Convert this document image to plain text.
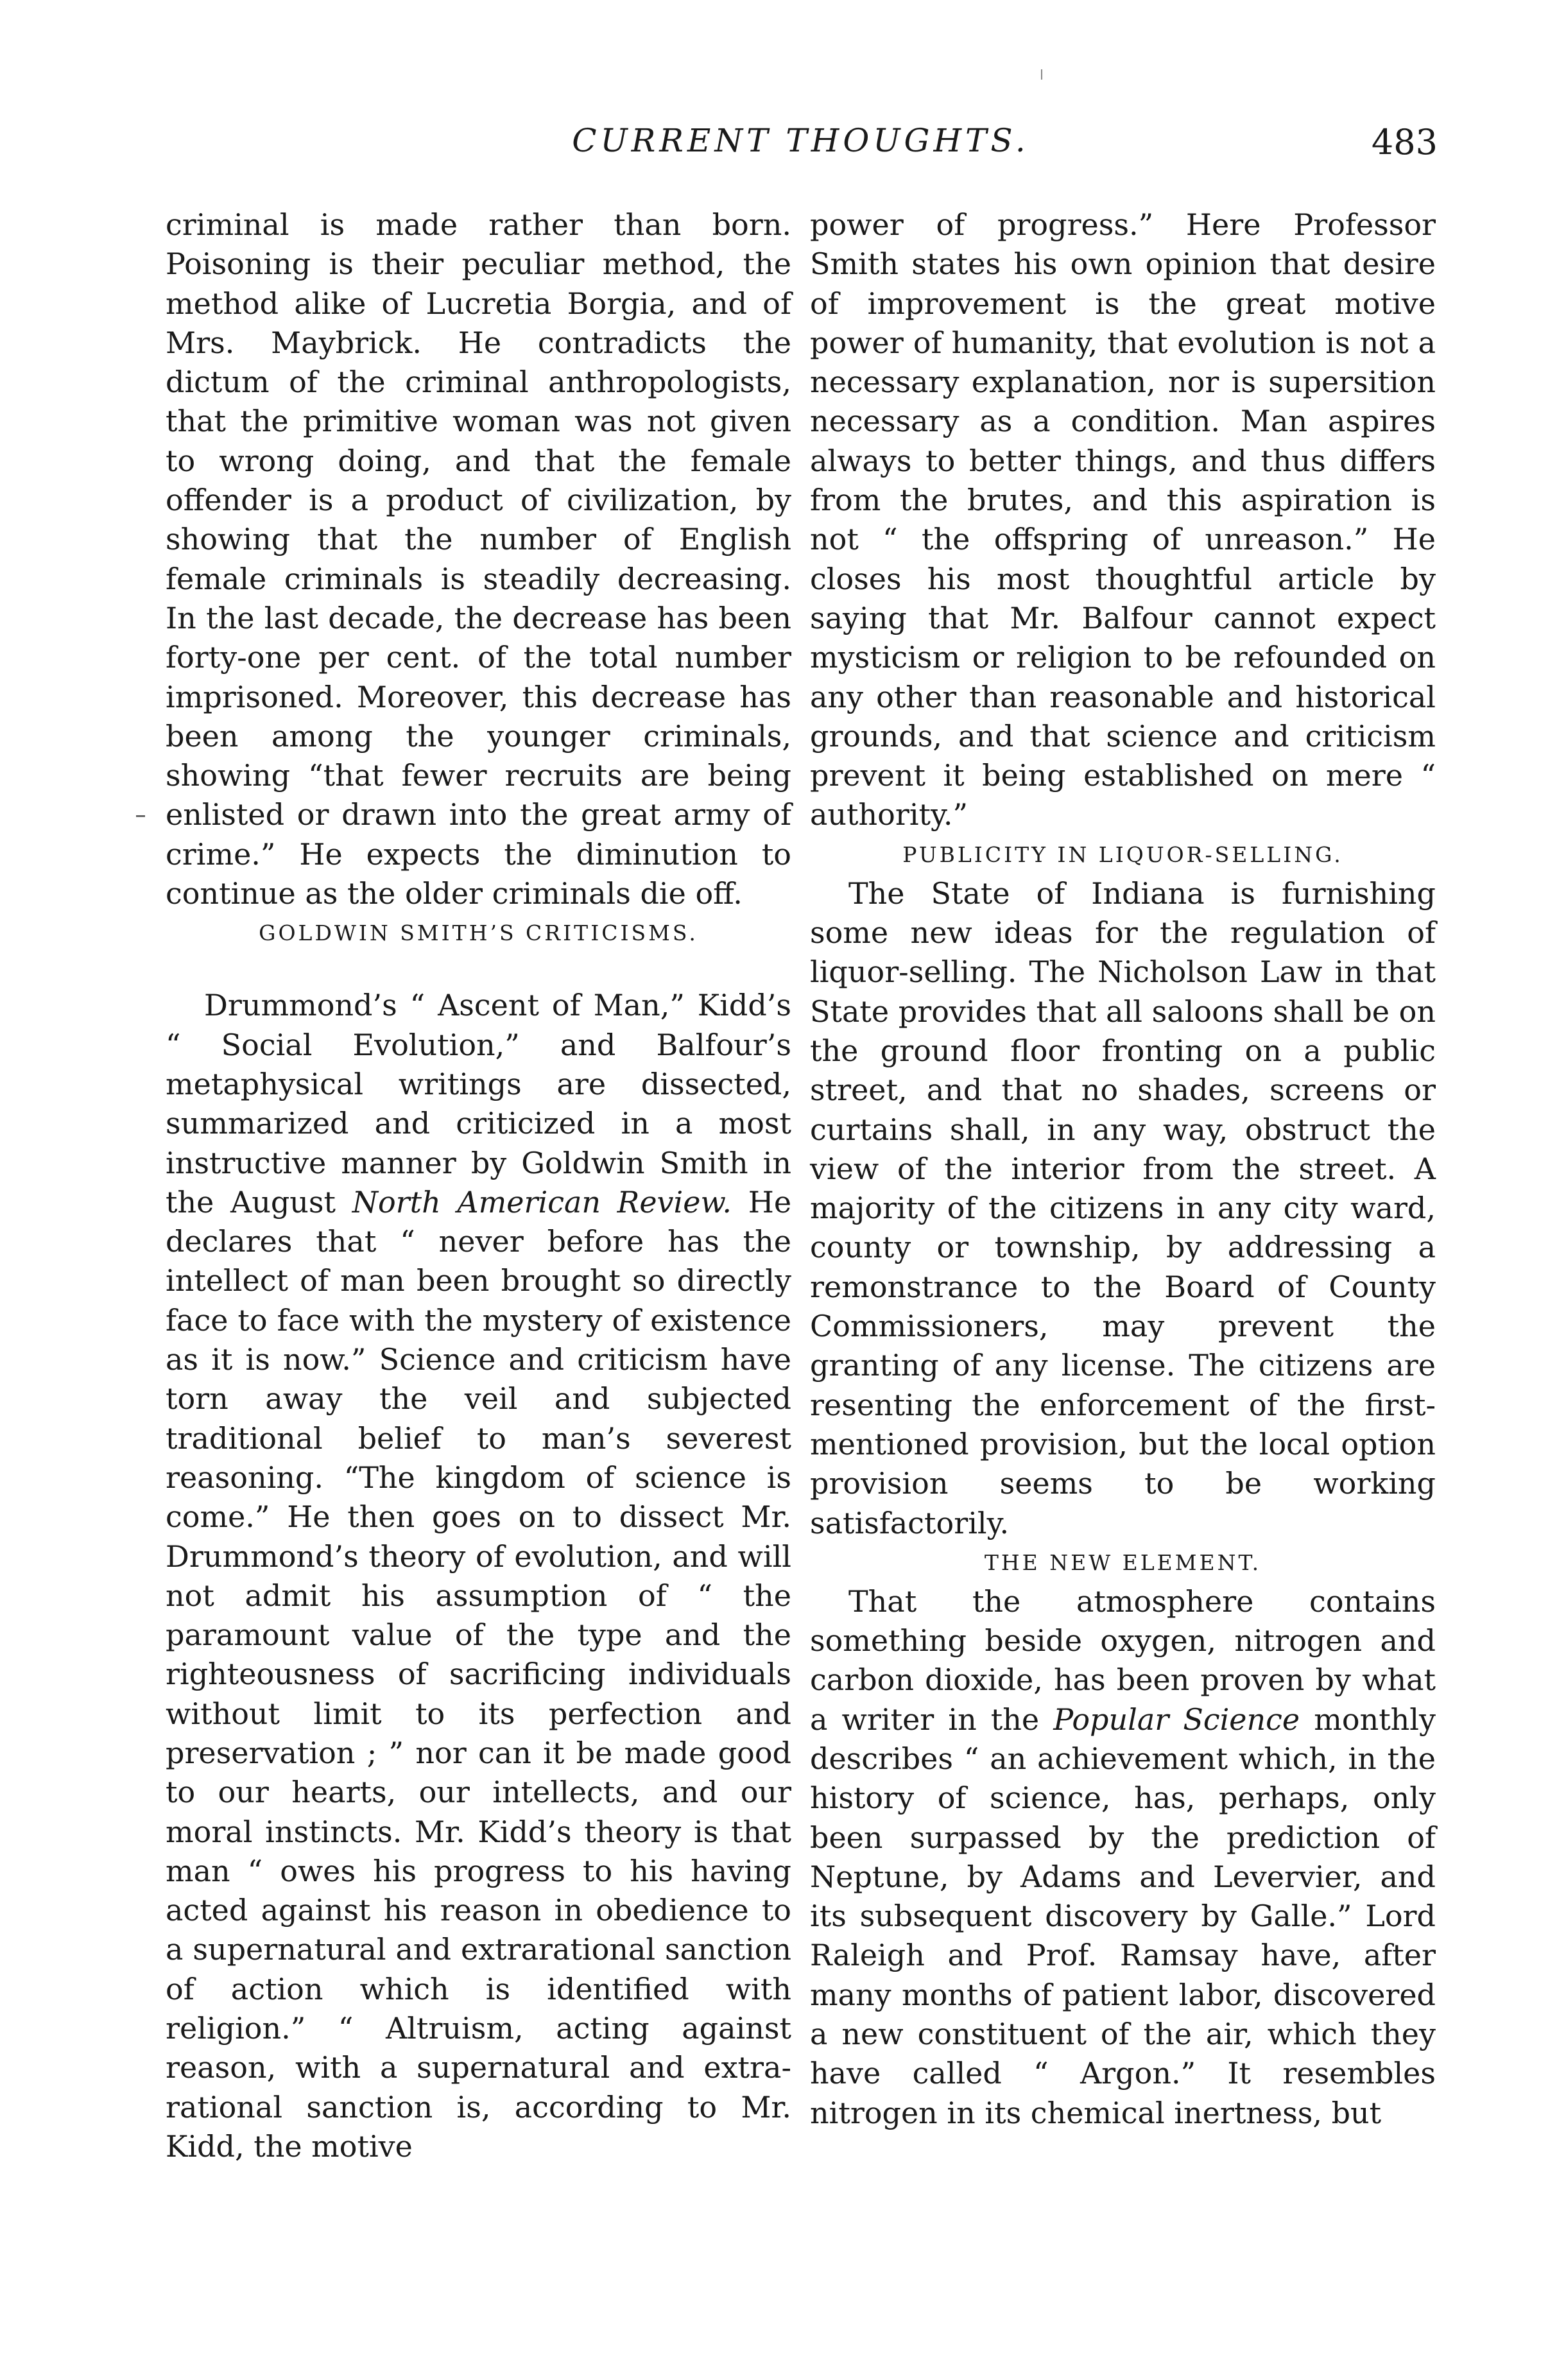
CURRENT THOUGHTS.	483

criminal is made rather than born. Poisoning is their peculiar method, the method alike of Lucretia Borgia, and of Mrs. Maybrick. He contradicts the dictum of the criminal anthropologists, that the primitive woman was not given to wrong doing, and that the female offender is a product of civilization, by showing that the number of English female criminals is steadily decreasing. In the last decade, the decrease has been forty-one per cent. of the total number imprisoned. Moreover, this decrease has been among the younger criminals, showing “that fewer recruits are being enlisted or drawn into the great army of crime.” He expects the diminution to continue as the older criminals die off.

GOLDWIN SMITH’S CRITICISMS.

Drummond’s “ Ascent of Man,” Kidd’s “ Social Evolution,” and Balfour’s metaphysical writings are dissected, summarized and criticized in a most instructive manner by Goldwin Smith in the August North American Review. He declares that “ never before has the intellect of man been brought so directly face to face with the mystery of existence as it is now.” Science and criticism have torn away the veil and subjected traditional belief to man’s severest reasoning. “The kingdom of science is come.” He then goes on to dissect Mr. Drummond’s theory of evolution, and will not admit his assumption of “ the paramount value of the type and the righteousness of sacrificing individuals without limit to its perfection and preservation ; ” nor can it be made good to our hearts, our intellects, and our moral instincts. Mr. Kidd’s theory is that man “ owes his progress to his having acted against his reason in obedience to a supernatural and extrarational sanction of action which is identified with religion.” “ Altruism, acting against reason, with a supernatural and extra-rational sanction is, according to Mr. Kidd, the motive

power of progress.” Here Professor Smith states his own opinion that desire of improvement is the great motive power of humanity, that evolution is not a necessary explanation, nor is supersition necessary as a condition. Man aspires always to better things, and thus differs from the brutes, and this aspiration is not “ the offspring of unreason.” He closes his most thoughtful article by saying that Mr. Balfour cannot expect mysticism or religion to be refounded on any other than reasonable and historical grounds, and that science and criticism prevent it being established on mere “ authority.”

PUBLICITY IN LIQUOR-SELLING.

The State of Indiana is furnishing some new ideas for the regulation of liquor-selling. The Nicholson Law in that State provides that all saloons shall be on the ground floor fronting on a public street, and that no shades, screens or curtains shall, in any way, obstruct the view of the interior from the street. A majority of the citizens in any city ward, county or township, by addressing a remonstrance to the Board of County Commissioners, may prevent the granting of any license. The citizens are resenting the enforcement of the first-mentioned provision, but the local option provision seems to be working satisfactorily.

THE NEW ELEMENT.

That the atmosphere contains something beside oxygen, nitrogen and carbon dioxide, has been proven by what a writer in the Popular Science monthly describes “ an achievement which, in the history of science, has, perhaps, only been surpassed by the prediction of Neptune, by Adams and Levervier, and its subsequent discovery by Galle.” Lord Raleigh and Prof. Ramsay have, after many months of patient labor, discovered a new constituent of the air, which they have called “ Argon.” It resembles nitrogen in its chemical inertness, but
